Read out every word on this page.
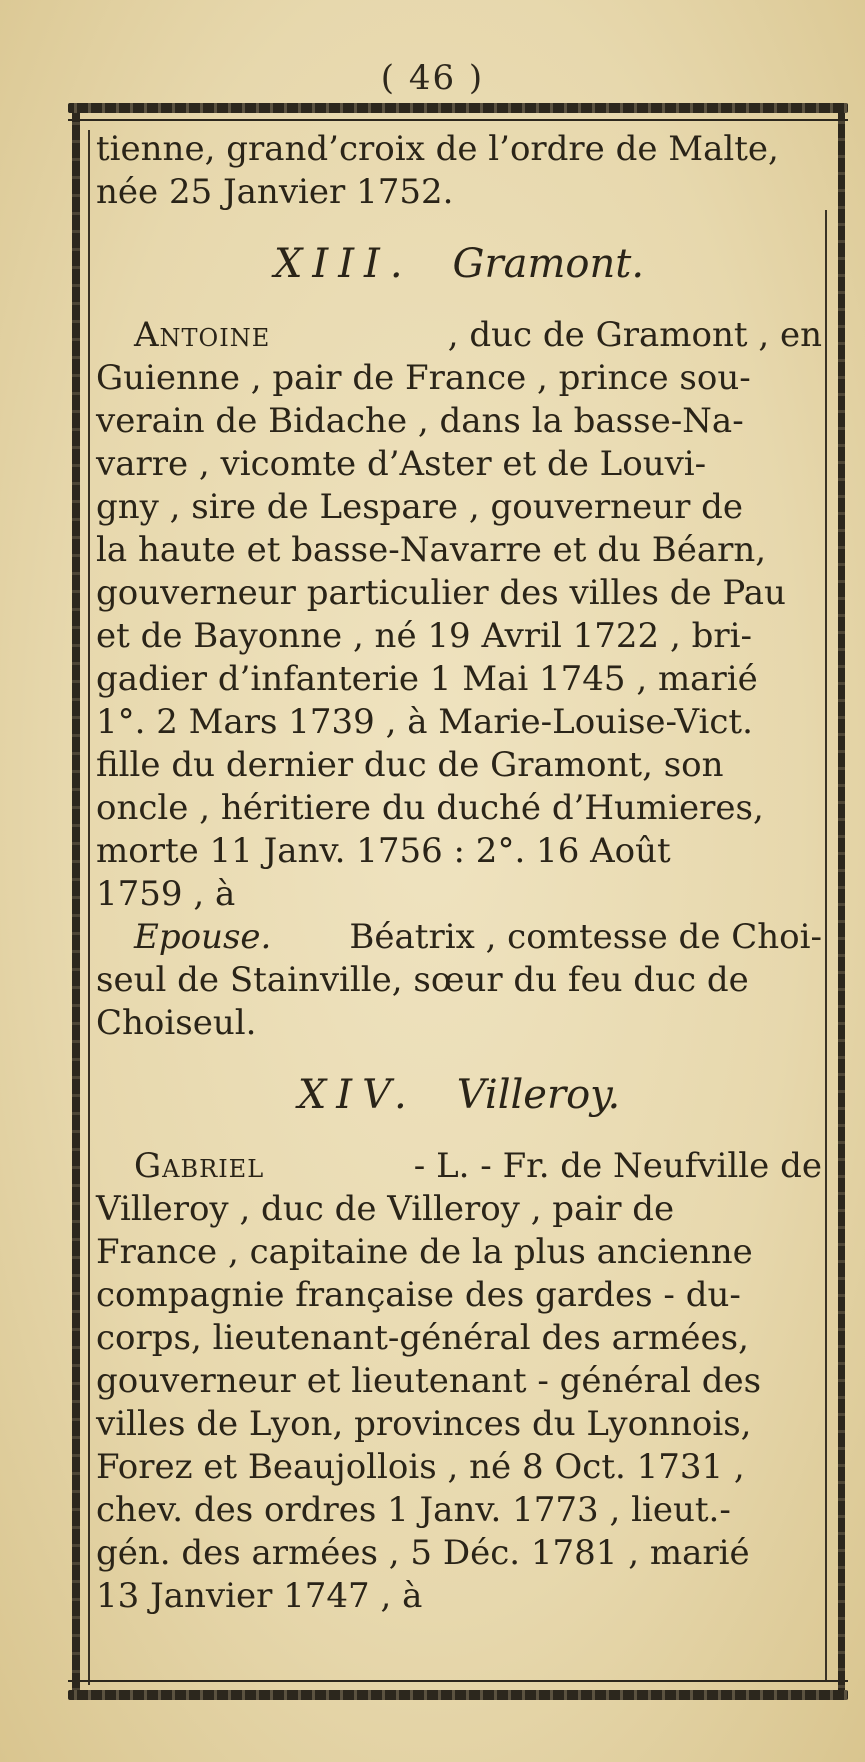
( 46 )
tienne, grand’croix de l’ordre de Malte,
née 25 Janvier 1752.
XIII. Gramont.
Antoine	, duc de Gramont , en
Guienne , pair de France , prince sou-
verain de Bidache , dans la basse-Na-
varre , vicomte d’Aster et de Louvi-
gny , sire de Lespare , gouverneur de
la haute et basse-Navarre et du Béarn,
gouverneur particulier des villes de Pau
et de Bayonne , né 19 Avril 1722 , bri-
gadier d’infanterie 1 Mai 1745 , marié
1°. 2 Mars 1739 , à Marie-Louise-Vict.
fille du dernier duc de Gramont, son
oncle , héritiere du duché d’Humieres,
morte 11 Janv. 1756 : 2°. 16 Août
1759 , à
Epouse. Béatrix , comtesse de Choi-
seul de Stainville, sœur du feu duc de
Choiseul.
XIV. Villeroy.
Gabriel	- L. - Fr. de Neufville de
Villeroy , duc de Villeroy , pair de
France , capitaine de la plus ancienne
compagnie française des gardes - du-
corps, lieutenant-général des armées,
gouverneur et lieutenant - général des
villes de Lyon, provinces du Lyonnois,
Forez et Beaujollois , né 8 Oct. 1731 ,
chev. des ordres 1 Janv. 1773 , lieut.-
gén. des armées , 5 Déc. 1781 , marié
13 Janvier 1747 , à
